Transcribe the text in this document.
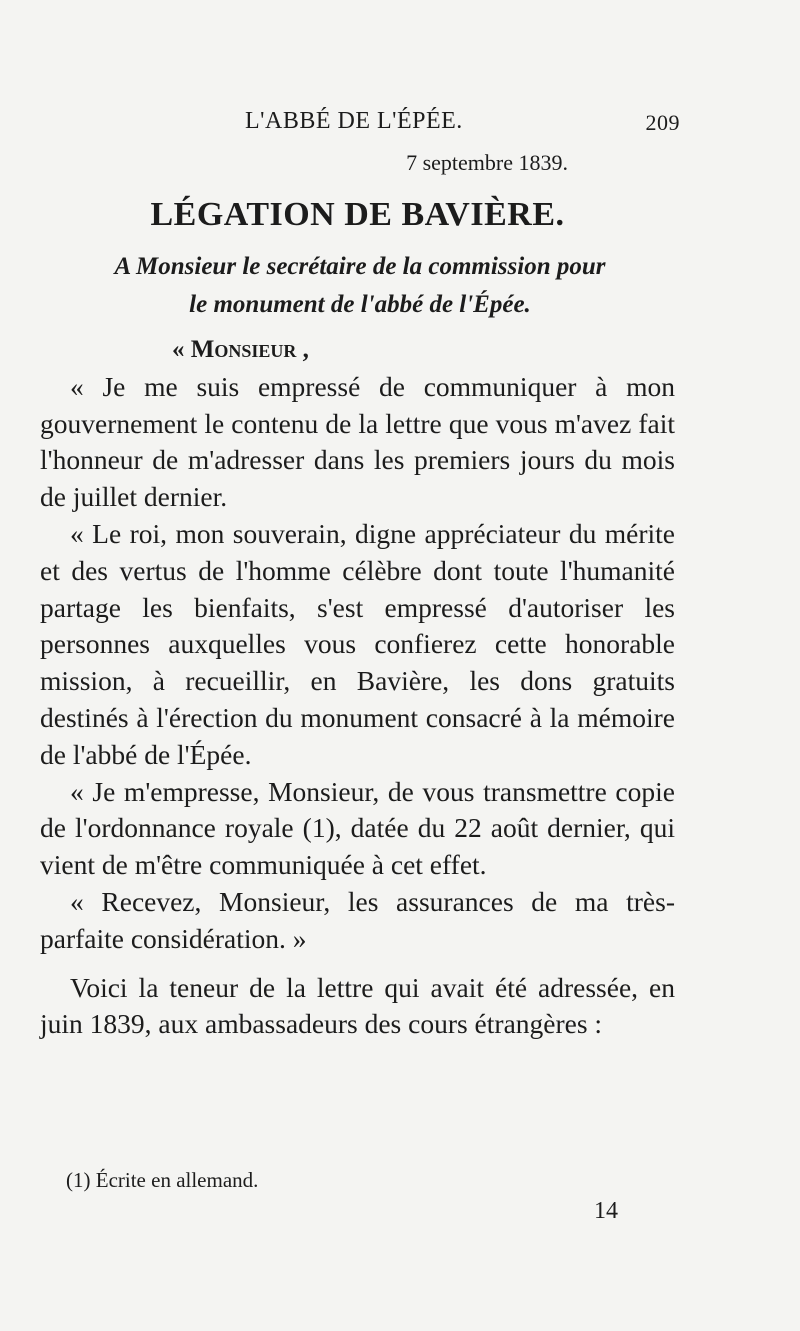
L'ABBÉ DE L'ÉPÉE.	209
7 septembre 1839.
LÉGATION DE BAVIÈRE.
A Monsieur le secrétaire de la commission pour
le monument de l'abbé de l'Épée.

« Monsieur ,

« Je me suis empressé de communiquer à mon gouvernement le contenu de la lettre que vous m'avez fait l'honneur de m'adresser dans les premiers jours du mois de juillet dernier.

« Le roi, mon souverain, digne appréciateur du mérite et des vertus de l'homme célèbre dont toute l'humanité partage les bienfaits, s'est empressé d'autoriser les personnes auxquelles vous confierez cette honorable mission, à recueillir, en Bavière, les dons gratuits destinés à l'érection du monument consacré à la mémoire de l'abbé de l'Épée.

« Je m'empresse, Monsieur, de vous transmettre copie de l'ordonnance royale (1), datée du 22 août dernier, qui vient de m'être communiquée à cet effet.

« Recevez, Monsieur, les assurances de ma très-parfaite considération. »

Voici la teneur de la lettre qui avait été adressée, en juin 1839, aux ambassadeurs des cours étrangères :

(1) Écrite en allemand.
14
